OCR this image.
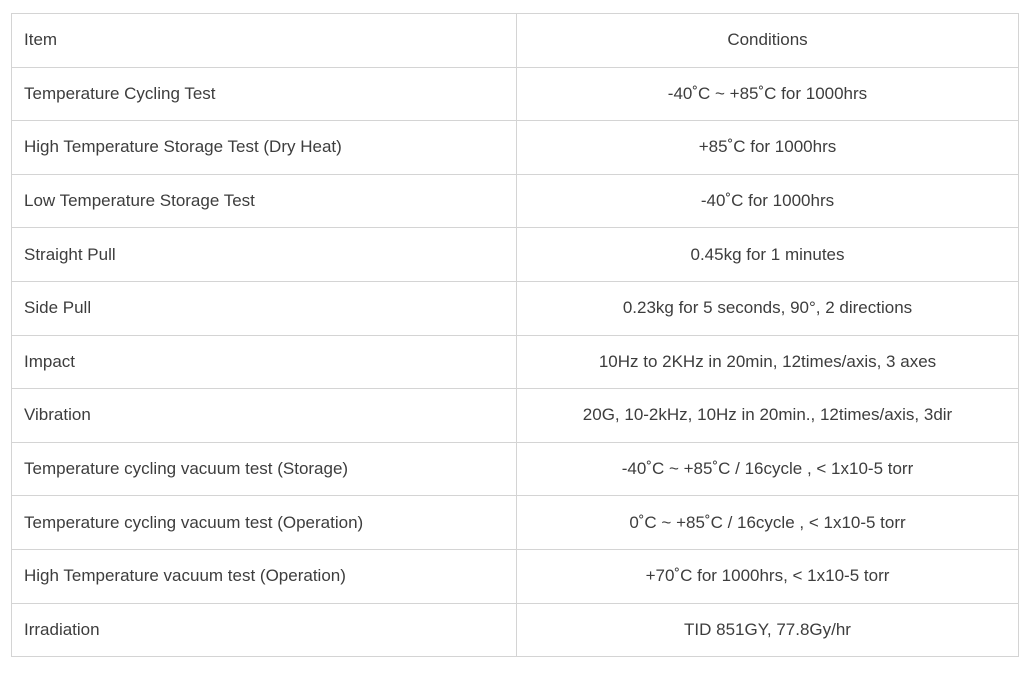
Item	Conditions
Temperature Cycling Test	-40˚C ~ +85˚C for 1000hrs
High Temperature Storage Test (Dry Heat)	+85˚C for 1000hrs
Low Temperature Storage Test	-40˚C for 1000hrs
Straight Pull	0.45kg for 1 minutes
Side Pull	0.23kg for 5 seconds, 90°, 2 directions
Impact	10Hz to 2KHz in 20min, 12times/axis, 3 axes
Vibration	20G, 10-2kHz, 10Hz in 20min., 12times/axis, 3dir
Temperature cycling vacuum test (Storage)	-40˚C ~ +85˚C / 16cycle , < 1x10-5 torr
Temperature cycling vacuum test (Operation)	0˚C ~ +85˚C / 16cycle , < 1x10-5 torr
High Temperature vacuum test (Operation)	+70˚C for 1000hrs, < 1x10-5 torr
Irradiation	TID 851GY, 77.8Gy/hr
